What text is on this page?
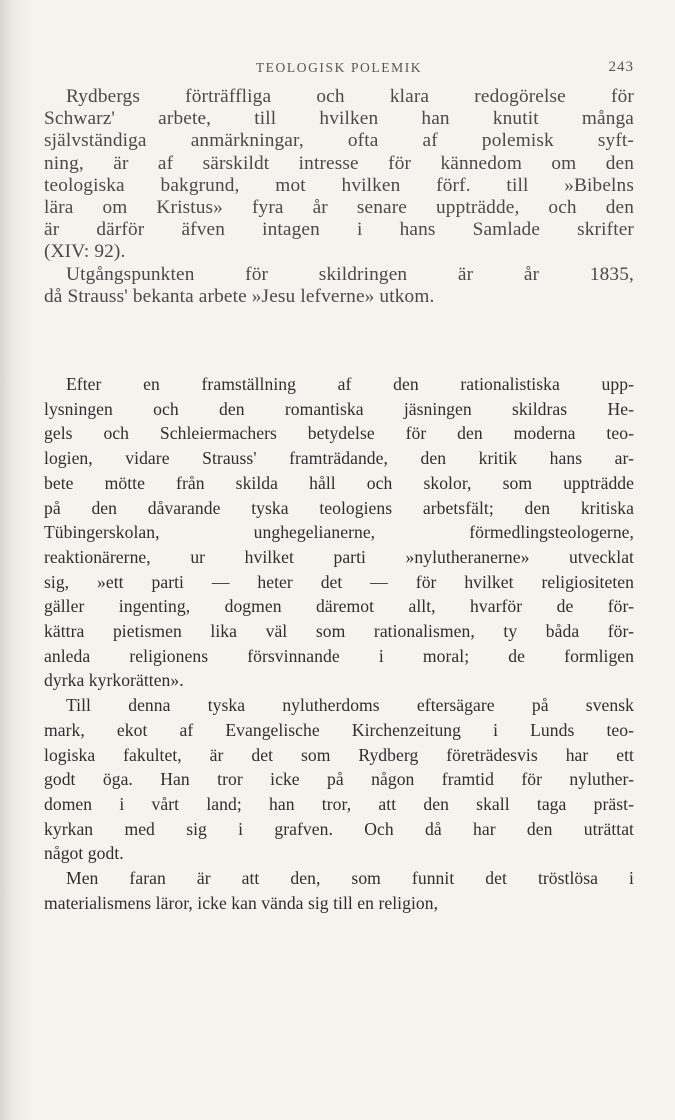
TEOLOGISK POLEMIK	243

Rydbergs förträffliga och klara redogörelse för
Schwarz' arbete, till hvilken han knutit många
självständiga anmärkningar, ofta af polemisk syft-
ning, är af särskildt intresse för kännedom om den
teologiska bakgrund, mot hvilken förf. till »Bibelns
lära om Kristus» fyra år senare uppträdde, och den
är därför äfven intagen i hans Samlade skrifter
(XIV: 92).

Utgångspunkten för skildringen är år 1835,
då Strauss' bekanta arbete »Jesu lefverne» utkom.

Efter en framställning af den rationalistiska upp-
lysningen och den romantiska jäsningen skildras He-
gels och Schleiermachers betydelse för den moderna teo-
logien, vidare Strauss' framträdande, den kritik hans ar-
bete mötte från skilda håll och skolor, som uppträdde
på den dåvarande tyska teologiens arbetsfält; den kritiska
Tübingerskolan, unghegelianerne, förmedlingsteologerne,
reaktionärerne, ur hvilket parti »nylutheranerne» utvecklat
sig, »ett parti — heter det — för hvilket religiositeten
gäller ingenting, dogmen däremot allt, hvarför de för-
kättra pietismen lika väl som rationalismen, ty båda för-
anleda religionens försvinnande i moral; de formligen
dyrka kyrkorätten».

Till denna tyska nylutherdoms eftersägare på svensk
mark, ekot af Evangelische Kirchenzeitung i Lunds teo-
logiska fakultet, är det som Rydberg företrädesvis har ett
godt öga. Han tror icke på någon framtid för nyluther-
domen i vårt land; han tror, att den skall taga präst-
kyrkan med sig i grafven. Och då har den uträttat
något godt.

Men faran är att den, som funnit det tröstlösa i
materialismens läror, icke kan vända sig till en religion,
